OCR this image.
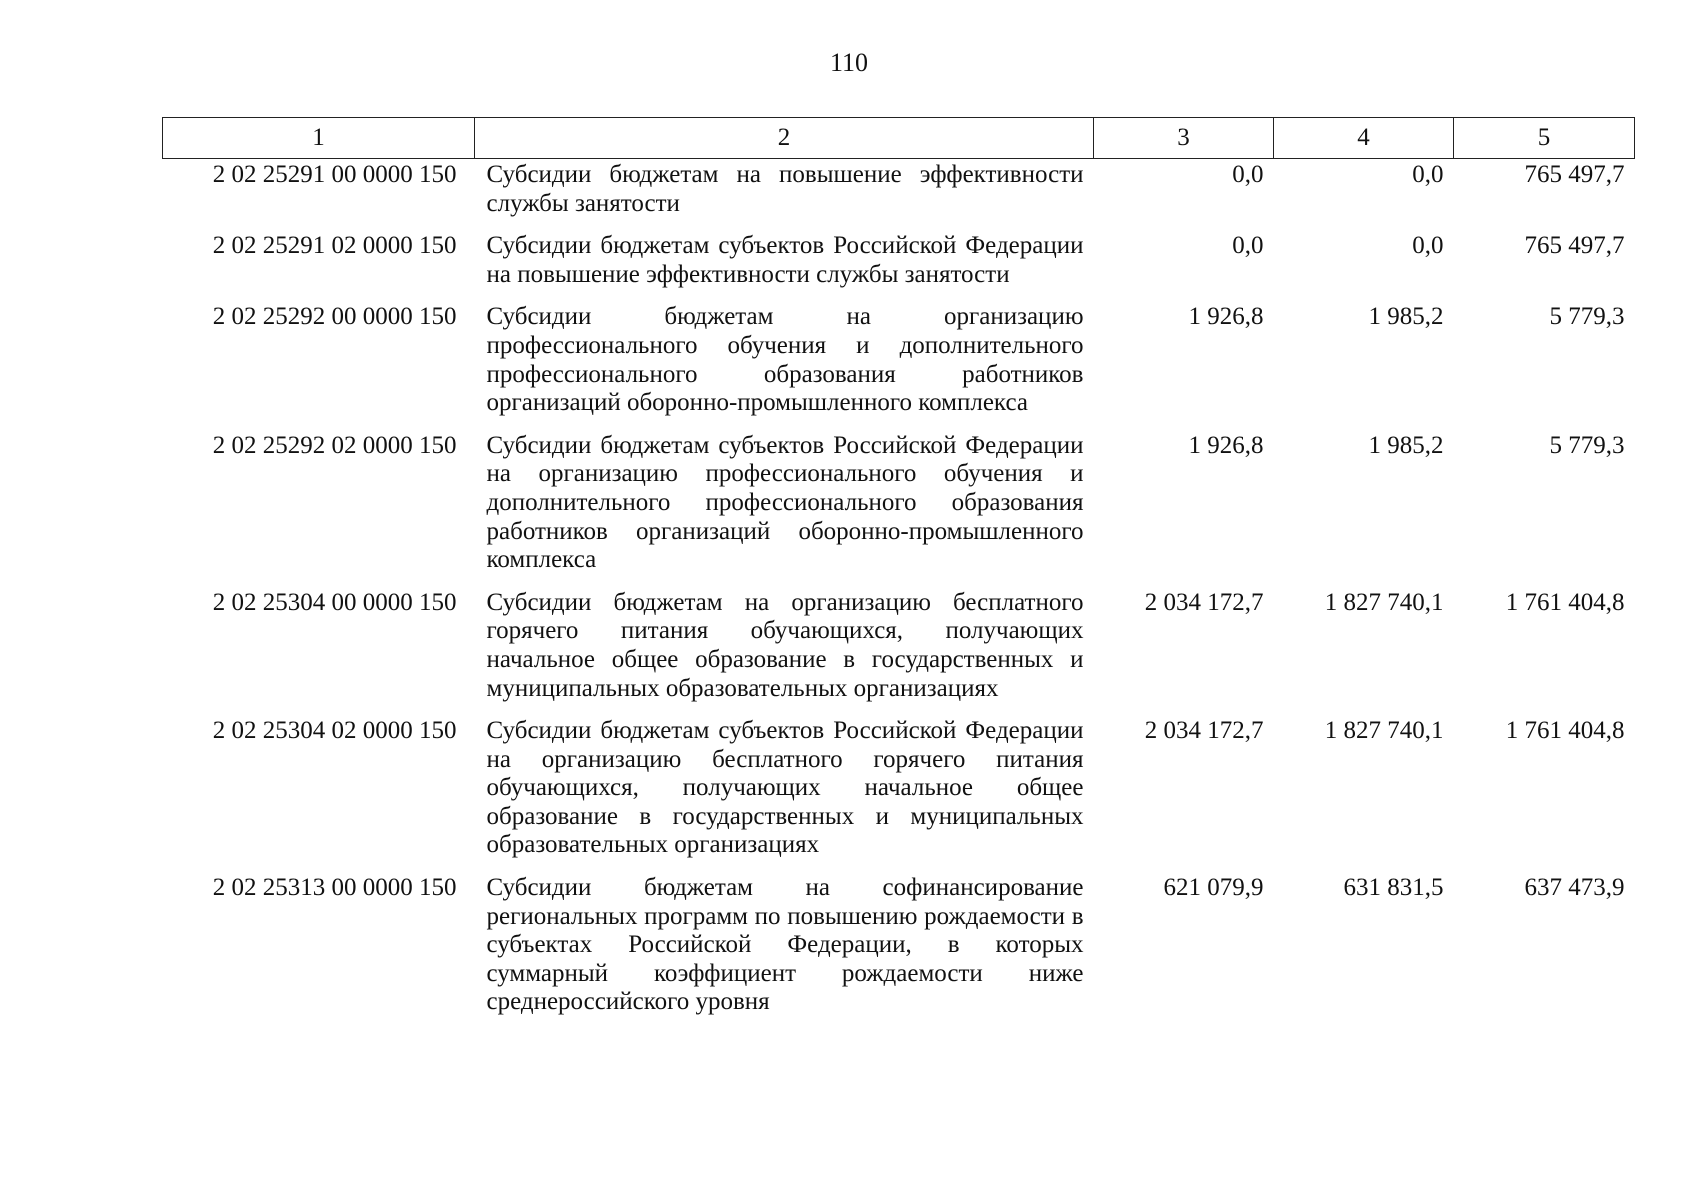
110
1	2	3	4	5
2 02 25291 00 0000 150	Субсидии бюджетам на повышение эффективности службы занятости	0,0	0,0	765 497,7
2 02 25291 02 0000 150	Субсидии бюджетам субъектов Российской Федерации на повышение эффективности службы занятости	0,0	0,0	765 497,7
2 02 25292 00 0000 150	Субсидии бюджетам на организацию профессионального обучения и дополнительного профессионального образования работников организаций оборонно-промышленного комплекса	1 926,8	1 985,2	5 779,3
2 02 25292 02 0000 150	Субсидии бюджетам субъектов Российской Федерации на организацию профессионального обучения и дополнительного профессионального образования работников организаций оборонно-промышленного комплекса	1 926,8	1 985,2	5 779,3
2 02 25304 00 0000 150	Субсидии бюджетам на организацию бесплатного горячего питания обучающихся, получающих начальное общее образование в государственных и муниципальных образовательных организациях	2 034 172,7	1 827 740,1	1 761 404,8
2 02 25304 02 0000 150	Субсидии бюджетам субъектов Российской Федерации на организацию бесплатного горячего питания обучающихся, получающих начальное общее образование в государственных и муниципальных образовательных организациях	2 034 172,7	1 827 740,1	1 761 404,8
2 02 25313 00 0000 150	Субсидии бюджетам на софинансирование региональных программ по повышению рождаемости в субъектах Российской Федерации, в которых суммарный коэффициент рождаемости ниже среднероссийского уровня	621 079,9	631 831,5	637 473,9
